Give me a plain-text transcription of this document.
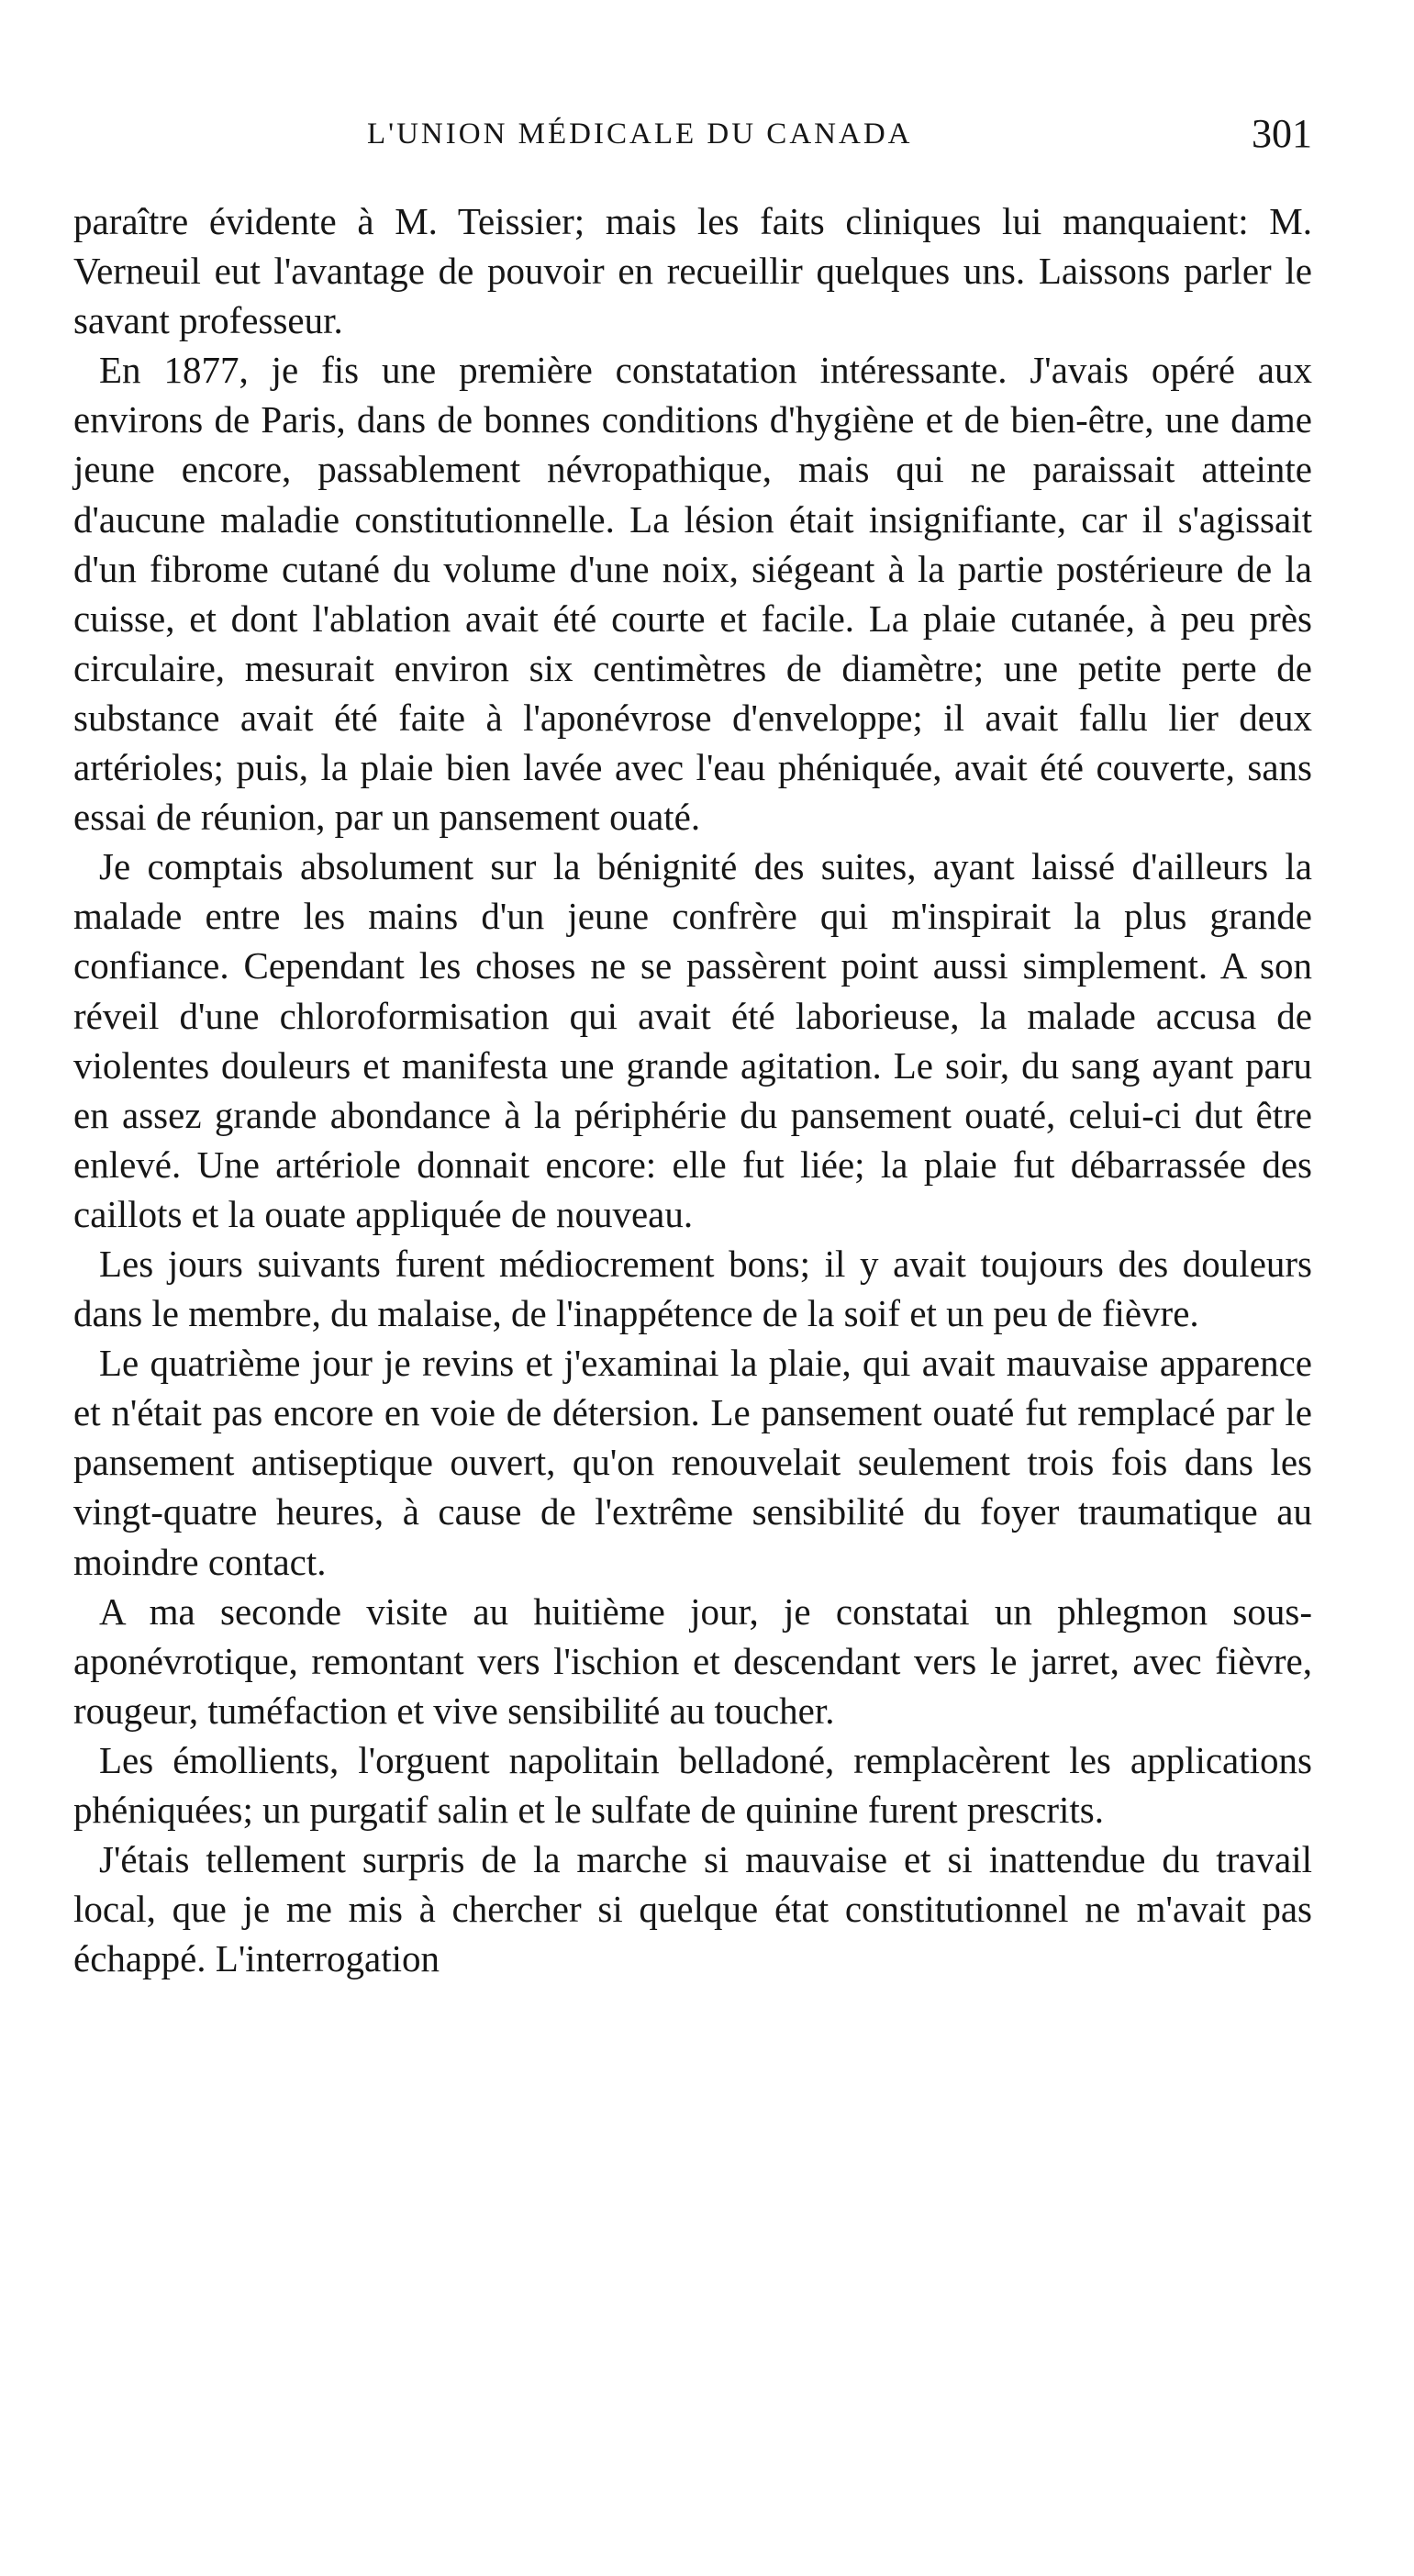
L'UNION MÉDICALE DU CANADA	301

paraître évidente à M. Teissier; mais les faits cliniques lui manquaient: M. Verneuil eut l'avantage de pouvoir en recueillir quelques uns. Laissons parler le savant professeur.

En 1877, je fis une première constatation intéressante. J'avais opéré aux environs de Paris, dans de bonnes conditions d'hygiène et de bien-être, une dame jeune encore, passablement névropathique, mais qui ne paraissait atteinte d'aucune maladie constitutionnelle. La lésion était insignifiante, car il s'agissait d'un fibrome cutané du volume d'une noix, siégeant à la partie postérieure de la cuisse, et dont l'ablation avait été courte et facile. La plaie cutanée, à peu près circulaire, mesurait environ six centimètres de diamètre; une petite perte de substance avait été faite à l'aponévrose d'enveloppe; il avait fallu lier deux artérioles; puis, la plaie bien lavée avec l'eau phéniquée, avait été couverte, sans essai de réunion, par un pansement ouaté.

Je comptais absolument sur la bénignité des suites, ayant laissé d'ailleurs la malade entre les mains d'un jeune confrère qui m'inspirait la plus grande confiance. Cependant les choses ne se passèrent point aussi simplement. A son réveil d'une chloroformisation qui avait été laborieuse, la malade accusa de violentes douleurs et manifesta une grande agitation. Le soir, du sang ayant paru en assez grande abondance à la périphérie du pansement ouaté, celui-ci dut être enlevé. Une artériole donnait encore: elle fut liée; la plaie fut débarrassée des caillots et la ouate appliquée de nouveau.

Les jours suivants furent médiocrement bons; il y avait toujours des douleurs dans le membre, du malaise, de l'inappétence de la soif et un peu de fièvre.

Le quatrième jour je revins et j'examinai la plaie, qui avait mauvaise apparence et n'était pas encore en voie de détersion. Le pansement ouaté fut remplacé par le pansement antiseptique ouvert, qu'on renouvelait seulement trois fois dans les vingt-quatre heures, à cause de l'extrême sensibilité du foyer traumatique au moindre contact.

A ma seconde visite au huitième jour, je constatai un phlegmon sous-aponévrotique, remontant vers l'ischion et descendant vers le jarret, avec fièvre, rougeur, tuméfaction et vive sensibilité au toucher.

Les émollients, l'orguent napolitain belladoné, remplacèrent les applications phéniquées; un purgatif salin et le sulfate de quinine furent prescrits.

J'étais tellement surpris de la marche si mauvaise et si inattendue du travail local, que je me mis à chercher si quelque état constitutionnel ne m'avait pas échappé. L'interrogation
